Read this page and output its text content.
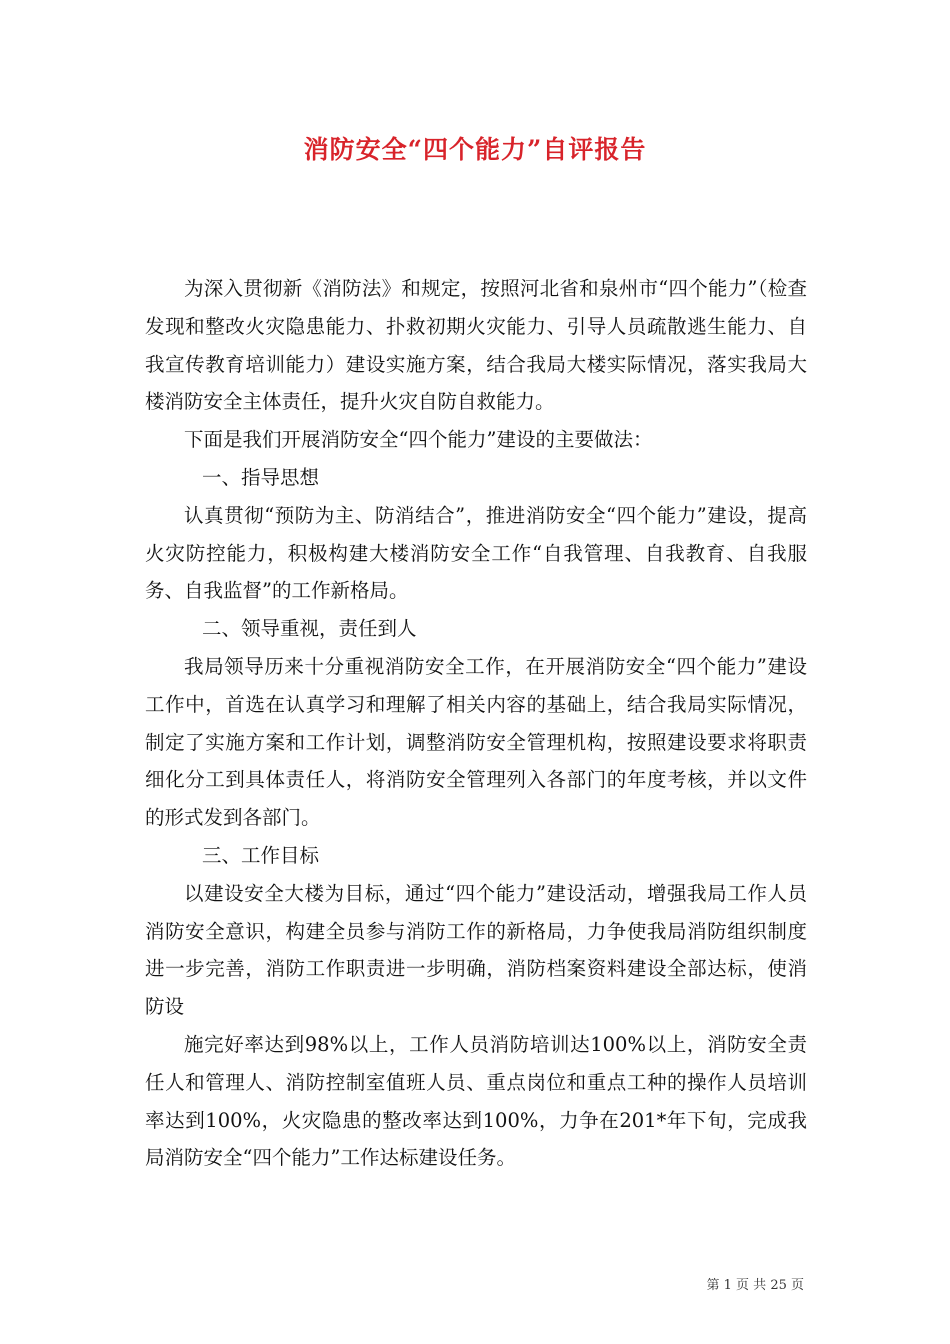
消防安全“四个能力”自评报告

为深入贯彻新《消防法》和规定，按照河北省和泉州市“四个能力”（检查发现和整改火灾隐患能力、扑救初期火灾能力、引导人员疏散逃生能力、自我宣传教育培训能力）建设实施方案，结合我局大楼实际情况，落实我局大楼消防安全主体责任，提升火灾自防自救能力。

下面是我们开展消防安全“四个能力”建设的主要做法：

一、指导思想

认真贯彻“预防为主、防消结合”，推进消防安全“四个能力”建设，提高火灾防控能力，积极构建大楼消防安全工作“自我管理、自我教育、自我服务、自我监督”的工作新格局。

二、领导重视，责任到人

我局领导历来十分重视消防安全工作，在开展消防安全“四个能力”建设工作中，首选在认真学习和理解了相关内容的基础上，结合我局实际情况，制定了实施方案和工作计划，调整消防安全管理机构，按照建设要求将职责细化分工到具体责任人，将消防安全管理列入各部门的年度考核，并以文件的形式发到各部门。

三、工作目标

以建设安全大楼为目标，通过“四个能力”建设活动，增强我局工作人员消防安全意识，构建全员参与消防工作的新格局，力争使我局消防组织制度进一步完善，消防工作职责进一步明确，消防档案资料建设全部达标，使消防设

施完好率达到98%以上，工作人员消防培训达100%以上，消防安全责任人和管理人、消防控制室值班人员、重点岗位和重点工种的操作人员培训率达到100%，火灾隐患的整改率达到100%，力争在201*年下旬，完成我局消防安全“四个能力”工作达标建设任务。

第 1 页 共 25 页
